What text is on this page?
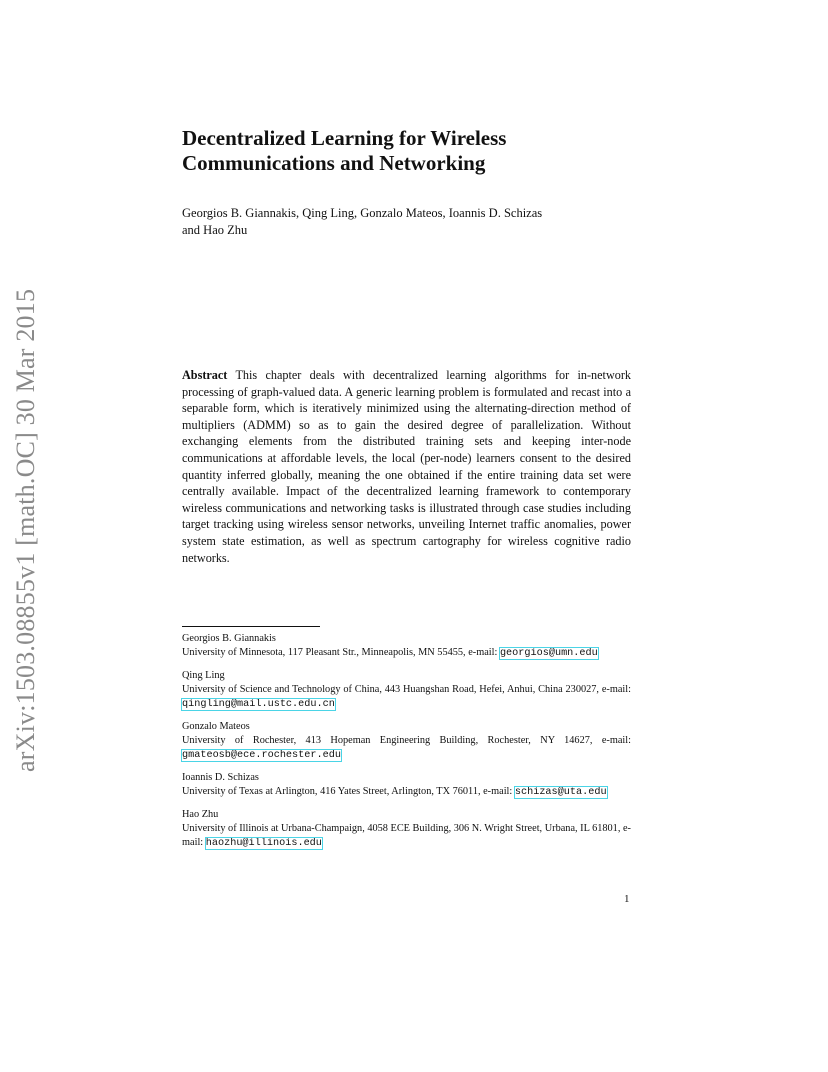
arXiv:1503.08855v1 [math.OC] 30 Mar 2015
Decentralized Learning for Wireless
Communications and Networking
Georgios B. Giannakis, Qing Ling, Gonzalo Mateos, Ioannis D. Schizas
and Hao Zhu
Abstract This chapter deals with decentralized learning algorithms for in-network processing of graph-valued data. A generic learning problem is formulated and recast into a separable form, which is iteratively minimized using the alternating-direction method of multipliers (ADMM) so as to gain the desired degree of parallelization. Without exchanging elements from the distributed training sets and keeping inter-node communications at affordable levels, the local (per-node) learners consent to the desired quantity inferred globally, meaning the one obtained if the entire training data set were centrally available. Impact of the decentralized learning framework to contemporary wireless communications and networking tasks is illustrated through case studies including target tracking using wireless sensor networks, unveiling Internet traffic anomalies, power system state estimation, as well as spectrum cartography for wireless cognitive radio networks.
Georgios B. Giannakis
University of Minnesota, 117 Pleasant Str., Minneapolis, MN 55455, e-mail: georgios@umn.edu
Qing Ling
University of Science and Technology of China, 443 Huangshan Road, Hefei, Anhui, China 230027, e-mail: qingling@mail.ustc.edu.cn
Gonzalo Mateos
University of Rochester, 413 Hopeman Engineering Building, Rochester, NY 14627, e-mail: gmateosb@ece.rochester.edu
Ioannis D. Schizas
University of Texas at Arlington, 416 Yates Street, Arlington, TX 76011, e-mail: schizas@uta.edu
Hao Zhu
University of Illinois at Urbana-Champaign, 4058 ECE Building, 306 N. Wright Street, Urbana, IL 61801, e-mail: haozhu@illinois.edu
1
